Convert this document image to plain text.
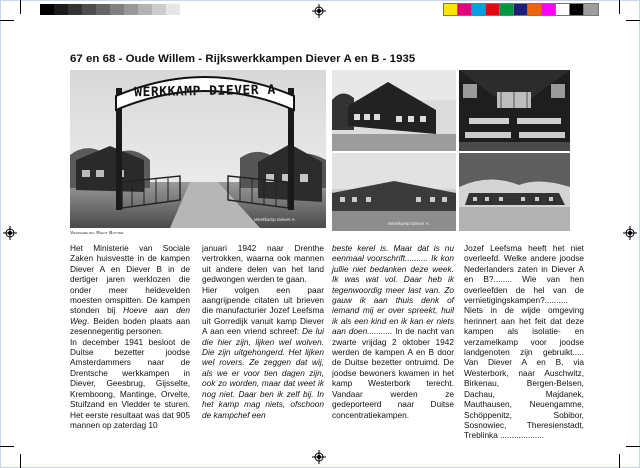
67 en 68 - Oude Willem - Rijkswerkkampen Diever A en B - 1935
WERKKAMP DIEVER A
Werkkamp Diever A.
Verzameling Reint Butter
Werkkamp Diever A.

Het Ministerie van Sociale Zaken huisvestte in de kampen Diever A en Diever B in de dertiger jaren werklozen die onder meer heidevelden moesten omspitten. De kampen stonden bij Hoeve aan den Weg. Beiden boden plaats aan zesennegentig personen.
In december 1941 besloot de Duitse bezetter joodse Amsterdammers naar de Drentsche werkkampen in Diever, Geesbrug, Gijsselte, Kremboong, Mantinge, Orvelte, Stuifzand en Vledder te sturen. Het eerste resultaat was dat 905 mannen op zaterdag 10

januari 1942 naar Drenthe vertrokken, waarna ook mannen uit andere delen van het land gedwongen werden te gaan.
Hier volgen een paar aangrijpende citaten uit brieven die manufacturier Jozef Leefsma uit Gorredijk vanuit kamp Diever A aan een vriend schreef: De lui die hier zijn, lijken wel wolven. Die zijn uitgehongerd. Het lijken wel rovers. Ze zeggen dat wij, als we er voor tien dagen zijn, ook zo worden, maar dat weet ik nog niet. Daar ben ik zelf bij. In het kamp mag niets, ofschoon de kampchef een

beste kerel is. Maar dat is nu eenmaal voorschrift.......... Ik kon jullie niet bedanken deze week. Ik was wat vol. Daar heb ik tegenwoordig meer last van. Zo gauw ik aan thuis denk of iemand mij er over spreekt, huil ik als een kind en ik kan er niets aan doen........... In de nacht van zwarte vrijdag 2 oktober 1942 werden de kampen A en B door de Duitse bezetter ontruimd. De joodse bewoners kwamen in het kamp Westerbork terecht. Vandaar werden ze gedeporteerd naar Duitse concentratiekampen.

Jozef Leefsma heeft het niet overleefd. Welke andere joodse Nederlanders zaten in Diever A en B?........ Wie van hen overleefden de hel van de vernietigingskampen?.......... Niets in de wijde omgeving herinnert aan het feit dat deze kampen als isolatie- en verzamelkamp voor joodse landgenoten zijn gebruikt..... Van Diever A en B, via Westerbork, naar Auschwitz, Birkenau, Bergen-Belsen, Dachau, Majdanek, Mauthausen, Neuengamme, Schöppenitz, Sobibor, Sosnowiec, Theresienstadt, Treblinka ...................
